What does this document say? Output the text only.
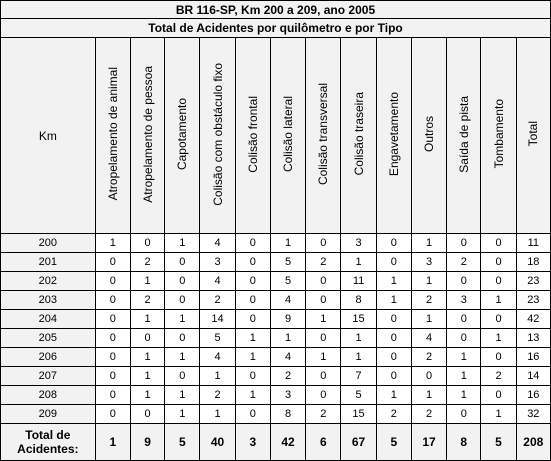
BR 116-SP, Km 200 a 209, ano 2005													
Total de Acidentes por quilômetro e por Tipo													
Km	Atropelamento de animal	Atropelamento de pessoa	Capotamento	Colisão com obstáculo fixo	Colisão frontal	Colisão lateral	Colisão transversal	Colisão traseira	Engavetamento	Outros	Saída de pista	Tombamento	Total
200	1	0	1	4	0	1	0	3	0	1	0	0	11
201	0	2	0	3	0	5	2	1	0	3	2	0	18
202	0	1	0	4	0	5	0	11	1	1	0	0	23
203	0	2	0	2	0	4	0	8	1	2	3	1	23
204	0	1	1	14	0	9	1	15	0	1	0	0	42
205	0	0	0	5	1	1	0	1	0	4	0	1	13
206	0	1	1	4	1	4	1	1	0	2	1	0	16
207	0	1	0	1	0	2	0	7	0	0	1	2	14
208	0	1	1	2	1	3	0	5	1	1	1	0	16
209	0	0	1	1	0	8	2	15	2	2	0	1	32
Total de
Acidentes:	1	9	5	40	3	42	6	67	5	17	8	5	208
